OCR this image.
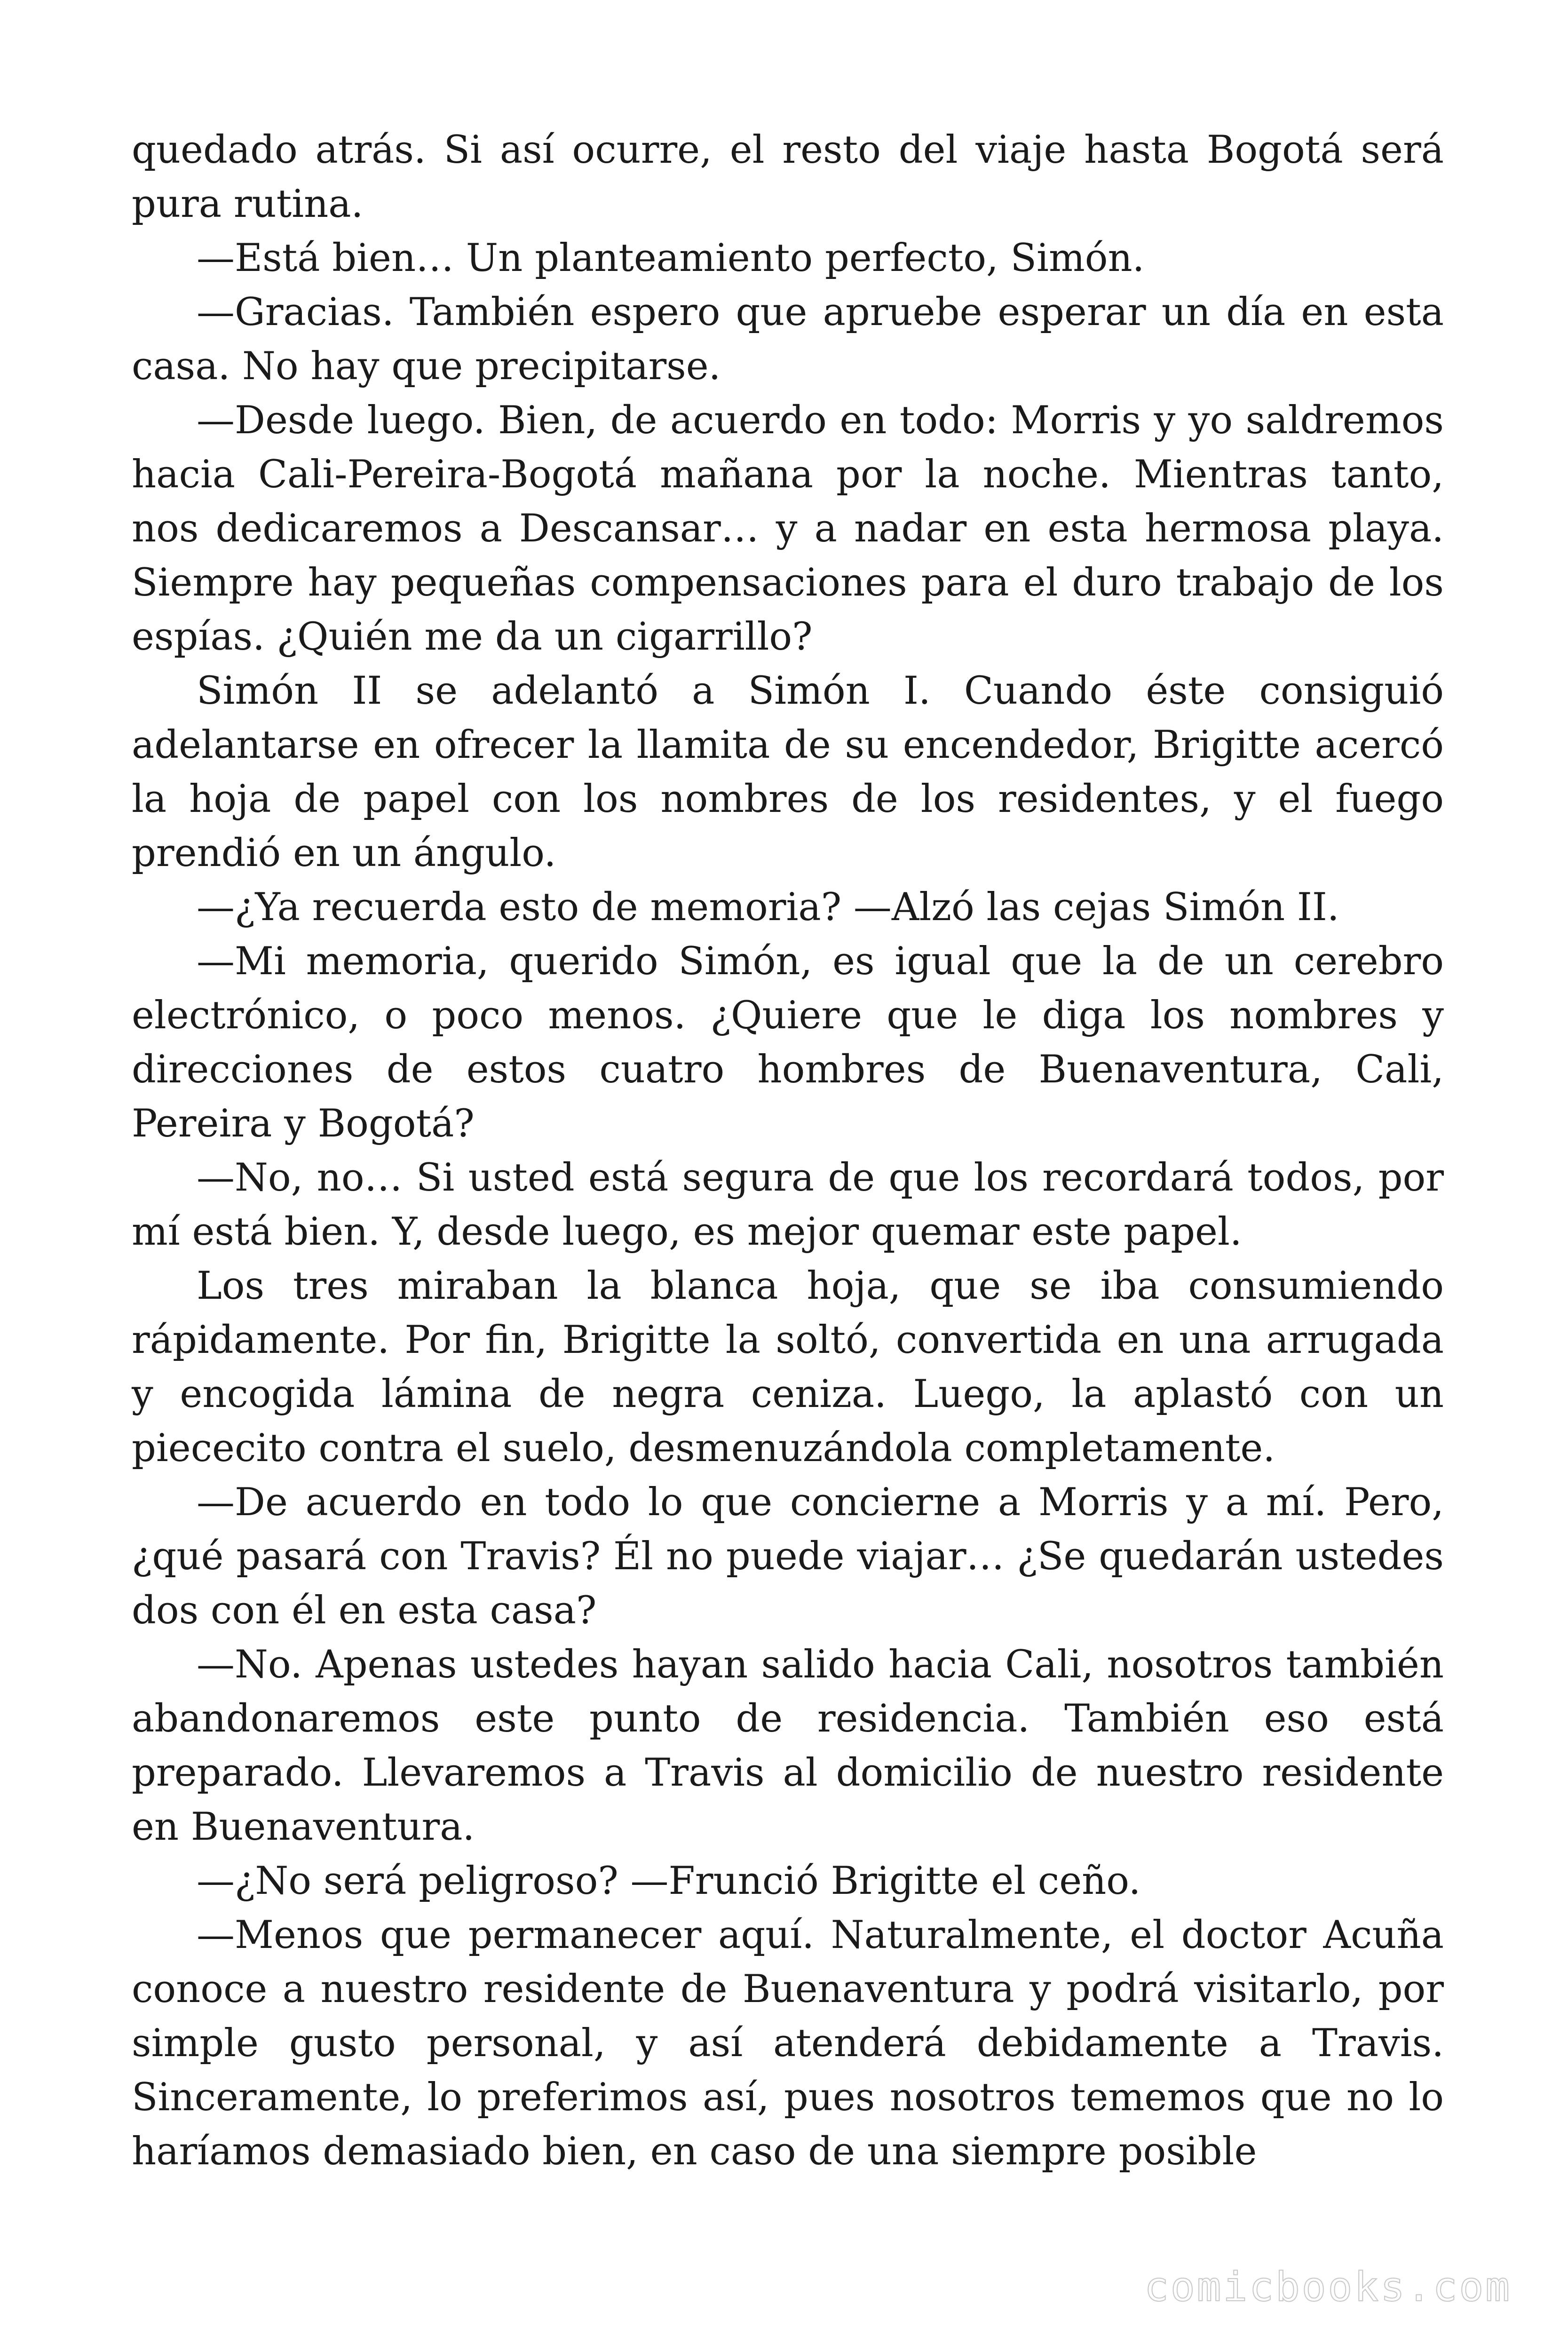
quedado atrás. Si así ocurre, el resto del viaje hasta Bogotá será pura rutina.

—Está bien… Un planteamiento perfecto, Simón.

—Gracias. También espero que apruebe esperar un día en esta casa. No hay que precipitarse.

—Desde luego. Bien, de acuerdo en todo: Morris y yo saldremos hacia Cali-Pereira-Bogotá mañana por la noche. Mientras tanto, nos dedicaremos a Descansar… y a nadar en esta hermosa playa. Siempre hay pequeñas compensaciones para el duro trabajo de los espías. ¿Quién me da un cigarrillo?

Simón II se adelantó a Simón I. Cuando éste consiguió adelantarse en ofrecer la llamita de su encendedor, Brigitte acercó la hoja de papel con los nombres de los residentes, y el fuego prendió en un ángulo.

—¿Ya recuerda esto de memoria? —Alzó las cejas Simón II.

—Mi memoria, querido Simón, es igual que la de un cerebro electrónico, o poco menos. ¿Quiere que le diga los nombres y direcciones de estos cuatro hombres de Buenaventura, Cali, Pereira y Bogotá?

—No, no… Si usted está segura de que los recordará todos, por mí está bien. Y, desde luego, es mejor quemar este papel.

Los tres miraban la blanca hoja, que se iba consumiendo rápidamente. Por fin, Brigitte la soltó, convertida en una arrugada y encogida lámina de negra ceniza. Luego, la aplastó con un piececito contra el suelo, desmenuzándola completamente.

—De acuerdo en todo lo que concierne a Morris y a mí. Pero, ¿qué pasará con Travis? Él no puede viajar… ¿Se quedarán ustedes dos con él en esta casa?

—No. Apenas ustedes hayan salido hacia Cali, nosotros también abandonaremos este punto de residencia. También eso está preparado. Llevaremos a Travis al domicilio de nuestro residente en Buenaventura.

—¿No será peligroso? —Frunció Brigitte el ceño.

—Menos que permanecer aquí. Naturalmente, el doctor Acuña conoce a nuestro residente de Buenaventura y podrá visitarlo, por simple gusto personal, y así atenderá debidamente a Travis. Sinceramente, lo preferimos así, pues nosotros tememos que no lo haríamos demasiado bien, en caso de una siempre posible

comicbooks.com
